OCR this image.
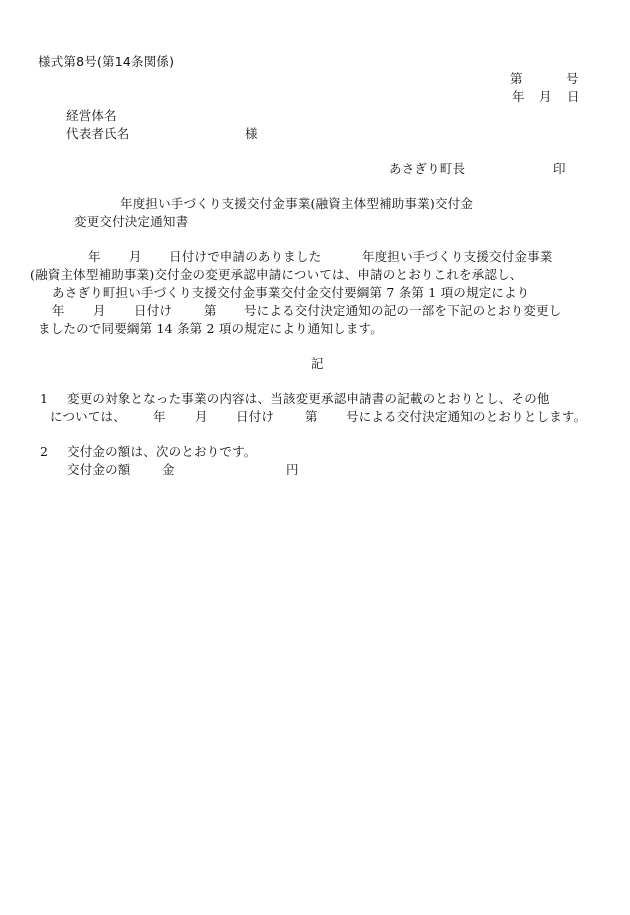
様式第8号(第14条関係)
第	号
年 月 日
経営体名
代表者氏名	様
あさぎり町長	印
年度担い手づくり支援交付金事業(融資主体型補助事業)交付金
変更交付決定通知書
年 月 日付けで申請のありました	年度担い手づくり支援交付金事業
(融資主体型補助事業)交付金の変更承認申請については、申請のとおりこれを承認し、
あさぎり町担い手づくり支援交付金事業交付金交付要綱第 7 条第 1 項の規定により
年 月 日付け	第 号による交付決定通知の記の一部を下記のとおり変更し
ましたので同要綱第 14 条第 2 項の規定により通知します。
記
1 変更の対象となった事業の内容は、当該変更承認申請書の記載のとおりとし、その他
については、 年 月 日付け 第 号による交付決定通知のとおりとします。
2 交付金の額は、次のとおりです。
交付金の額	金	円
